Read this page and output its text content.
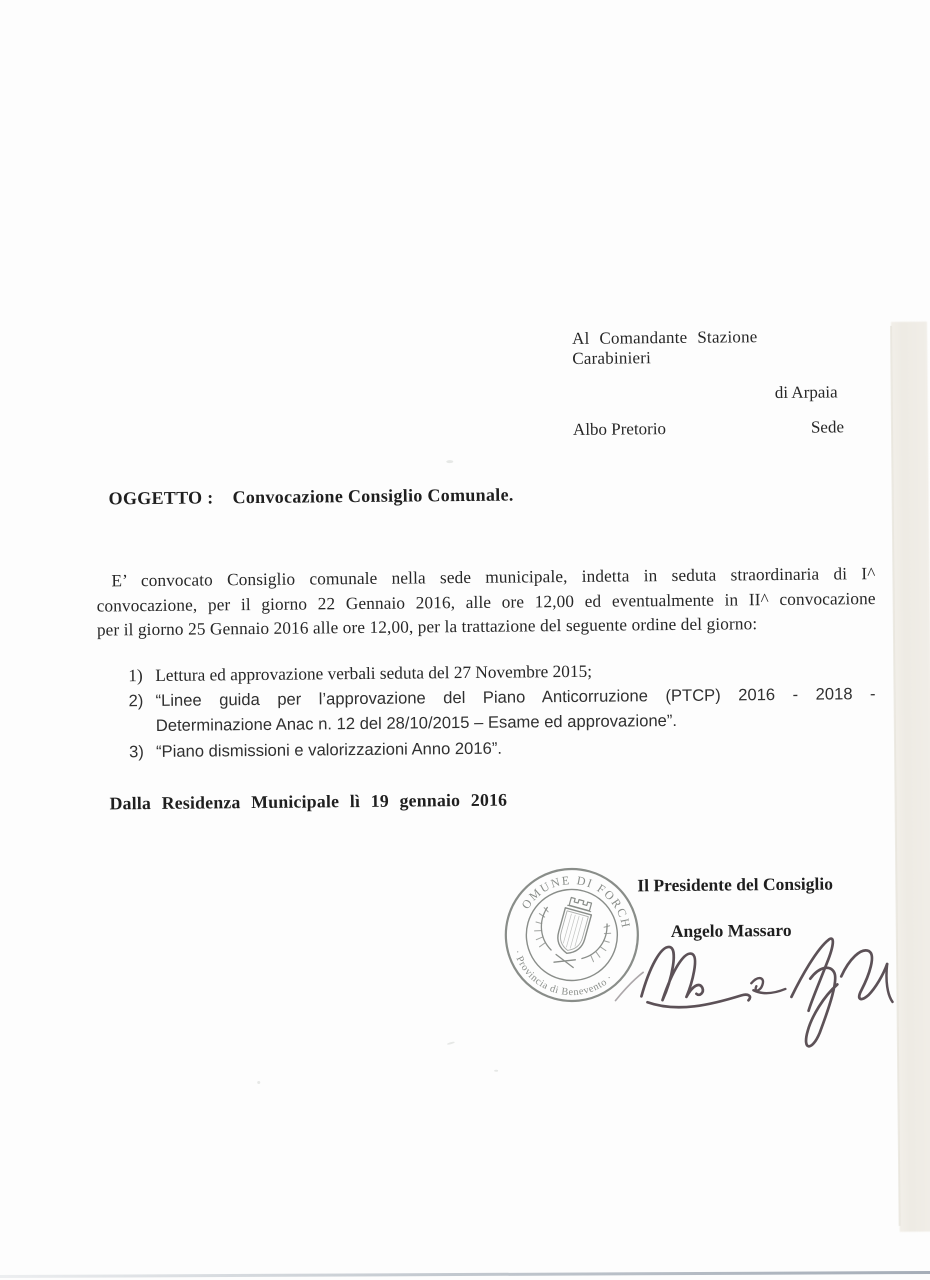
Al Comandante Stazione Carabinieri
di Arpaia
Albo Pretorio	Sede
OGGETTO : Convocazione Consiglio Comunale.
E’ convocato Consiglio comunale nella sede municipale, indetta in seduta straordinaria di I^
convocazione, per il giorno 22 Gennaio 2016, alle ore 12,00 ed eventualmente in II^ convocazione
per il giorno 25 Gennaio 2016 alle ore 12,00, per la trattazione del seguente ordine del giorno:
1) Lettura ed approvazione verbali seduta del 27 Novembre 2015;
2) “Linee guida per l’approvazione del Piano Anticorruzione (PTCP) 2016 - 2018 -
Determinazione Anac n. 12 del 28/10/2015 – Esame ed approvazione”.
3) “Piano dismissioni e valorizzazioni Anno 2016”.
Dalla Residenza Municipale lì 19 gennaio 2016
COMUNE DI FORCHIA
· Provincia di Benevento ·
Il Presidente del Consiglio
Angelo Massaro
